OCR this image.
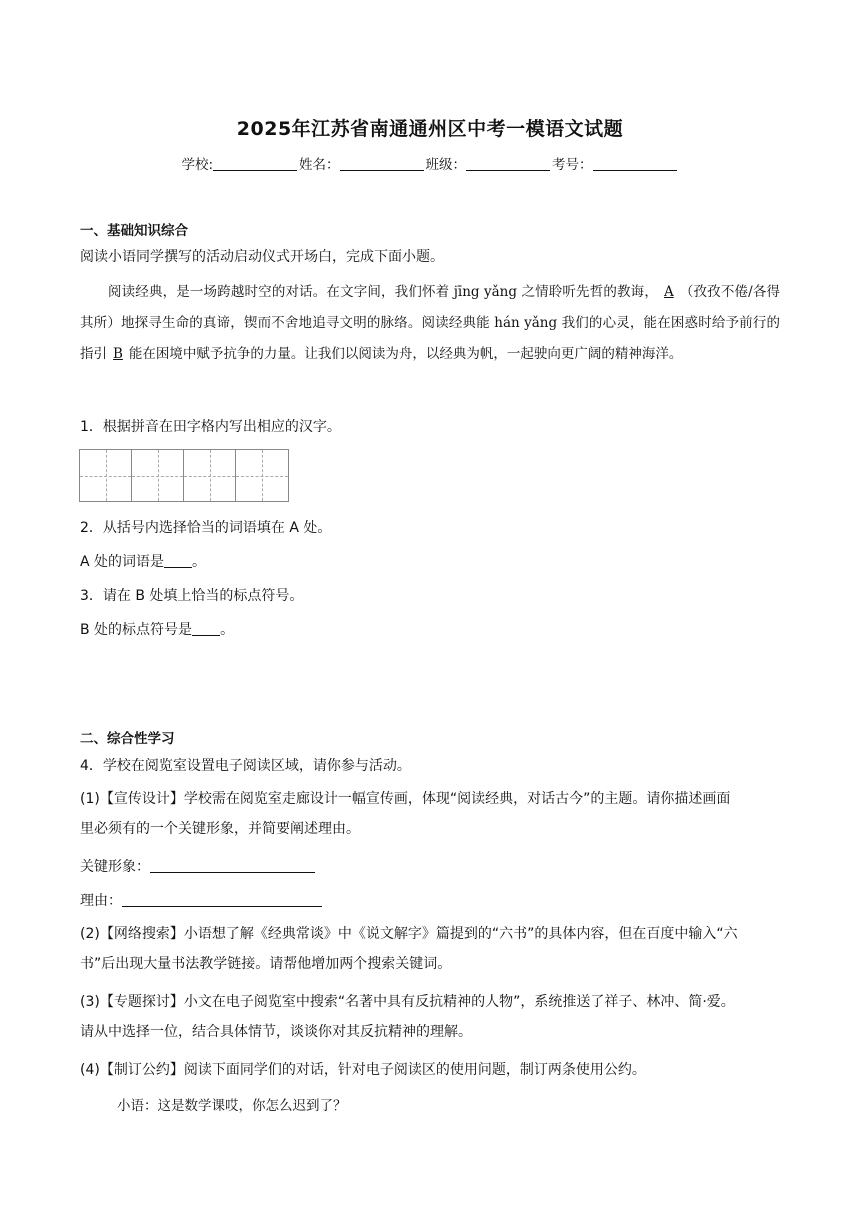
2025年江苏省南通通州区中考一模语文试题
学校:	姓名：	班级：	考号：
一、基础知识综合
阅读小语同学撰写的活动启动仪式开场白，完成下面小题。
阅读经典，是一场跨越时空的对话。在文字间，我们怀着 jīng yǎng 之情聆听先哲的教诲， A （孜孜不倦/各得其所）地探寻生命的真谛，锲而不舍地追寻文明的脉络。阅读经典能 hán yǎng 我们的心灵，能在困惑时给予前行的指引 B 能在困境中赋予抗争的力量。让我们以阅读为舟，以经典为帆，一起驶向更广阔的精神海洋。
1．根据拼音在田字格内写出相应的汉字。
2．从括号内选择恰当的词语填在 A 处。
A 处的词语是 。
3．请在 B 处填上恰当的标点符号。
B 处的标点符号是 。
二、综合性学习
4．学校在阅览室设置电子阅读区域，请你参与活动。
(1)【宣传设计】学校需在阅览室走廊设计一幅宣传画，体现“阅读经典，对话古今”的主题。请你描述画面
里必须有的一个关键形象，并简要阐述理由。
关键形象：
理由：
(2)【网络搜索】小语想了解《经典常谈》中《说文解字》篇提到的“六书”的具体内容，但在百度中输入“六
书”后出现大量书法教学链接。请帮他增加两个搜索关键词。
(3)【专题探讨】小文在电子阅览室中搜索“名著中具有反抗精神的人物”，系统推送了祥子、林冲、简·爱。
请从中选择一位，结合具体情节，谈谈你对其反抗精神的理解。
(4)【制订公约】阅读下面同学们的对话，针对电子阅读区的使用问题，制订两条使用公约。
小语：这是数学课哎，你怎么迟到了？
